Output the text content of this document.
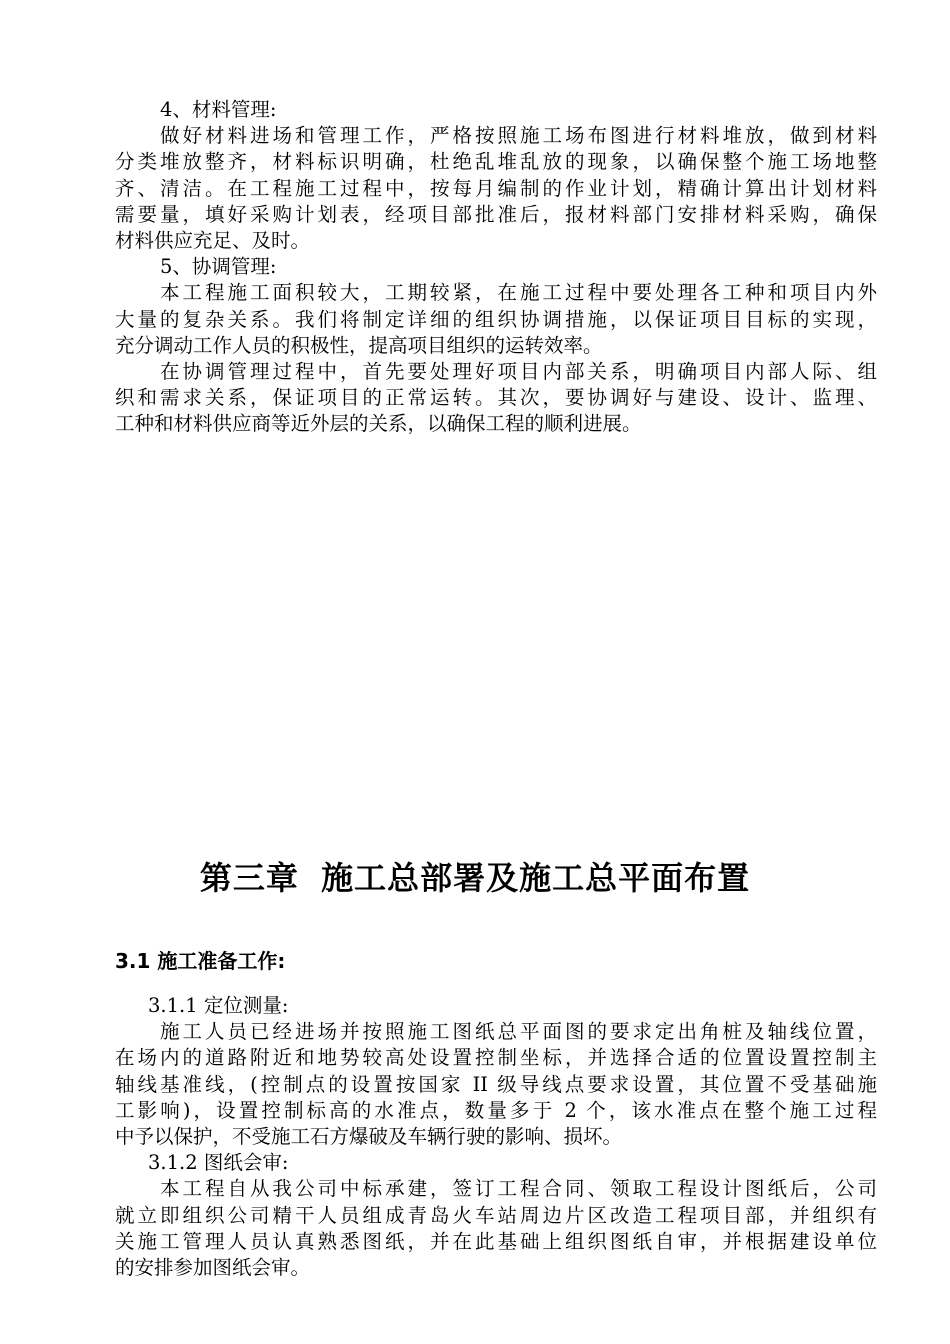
4、材料管理:
做好材料进场和管理工作，严格按照施工场布图进行材料堆放，做到材料
分类堆放整齐，材料标识明确，杜绝乱堆乱放的现象，以确保整个施工场地整
齐、清洁。在工程施工过程中，按每月编制的作业计划，精确计算出计划材料
需要量，填好采购计划表，经项目部批准后，报材料部门安排材料采购，确保
材料供应充足、及时。
5、协调管理:
本工程施工面积较大，工期较紧，在施工过程中要处理各工种和项目内外
大量的复杂关系。我们将制定详细的组织协调措施，以保证项目目标的实现，
充分调动工作人员的积极性，提高项目组织的运转效率。
在协调管理过程中，首先要处理好项目内部关系，明确项目内部人际、组
织和需求关系，保证项目的正常运转。其次，要协调好与建设、设计、监理、
工种和材料供应商等近外层的关系，以确保工程的顺利进展。
第三章 施工总部署及施工总平面布置
3.1 施工准备工作:
3.1.1 定位测量:
施工人员已经进场并按照施工图纸总平面图的要求定出角桩及轴线位置，
在场内的道路附近和地势较高处设置控制坐标，并选择合适的位置设置控制主
轴线基准线，(控制点的设置按国家 II 级导线点要求设置，其位置不受基础施
工影响)，设置控制标高的水准点，数量多于 2 个，该水准点在整个施工过程
中予以保护，不受施工石方爆破及车辆行驶的影响、损坏。
3.1.2 图纸会审:
本工程自从我公司中标承建，签订工程合同、领取工程设计图纸后，公司
就立即组织公司精干人员组成青岛火车站周边片区改造工程项目部，并组织有
关施工管理人员认真熟悉图纸，并在此基础上组织图纸自审，并根据建设单位
的安排参加图纸会审。
